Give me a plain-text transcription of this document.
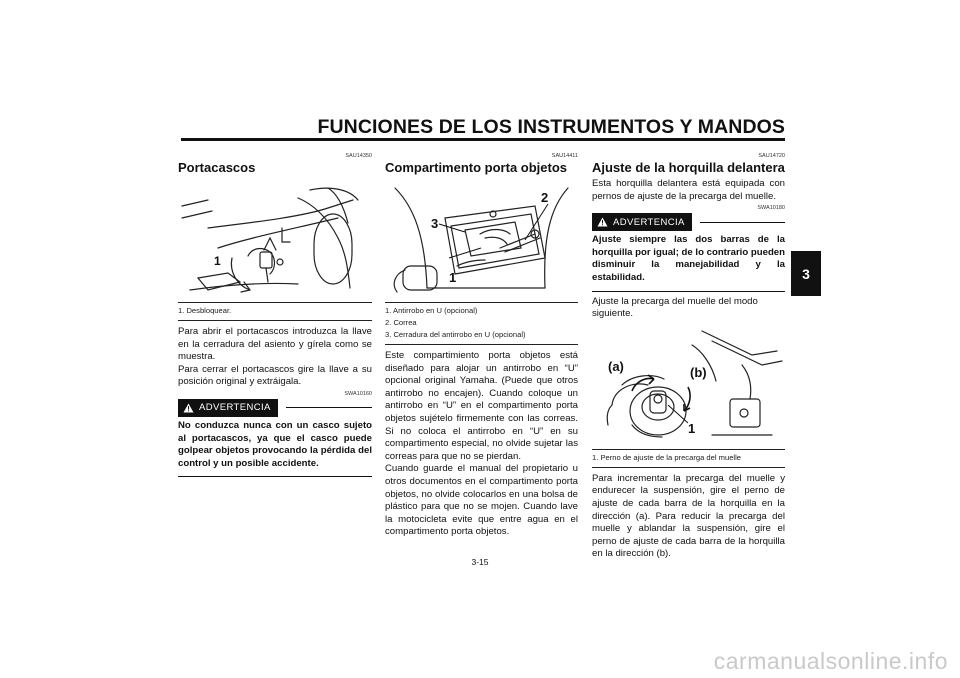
FUNCIONES DE LOS INSTRUMENTOS Y MANDOS
3
SAU14350
Portacascos
1
1. Desbloquear.

Para abrir el portacascos introduzca la llave en la cerradura del asiento y gírela como se muestra.

Para cerrar el portacascos gire la llave a su posición original y extráigala.

SWA10160
ADVERTENCIA
No conduzca nunca con un casco sujeto al portacascos, ya que el casco puede golpear objetos provocando la pérdida del control y un posible accidente.
SAU14411
Compartimento porta objetos
1
2
3
1. Antirrobo en U (opcional)
2. Correa
3. Cerradura del antirrobo en U (opcional)

Este compartimiento porta objetos está diseñado para alojar un antirrobo en “U” opcional original Yamaha. (Puede que otros antirrobo no encajen). Cuando coloque un antirrobo en “U” en el compartimento porta objetos sujételo firmemente con las correas. Si no coloca el antirrobo en “U” en su compartimento especial, no olvide sujetar las correas para que no se pierdan.

Cuando guarde el manual del propietario u otros documentos en el compartimento porta objetos, no olvide colocarlos en una bolsa de plástico para que no se mojen. Cuando lave la motocicleta evite que entre agua en el compartimento porta objetos.

SAU14720
Ajuste de la horquilla delantera

Esta horquilla delantera está equipada con pernos de ajuste de la precarga del muelle.

SWA10180
ADVERTENCIA
Ajuste siempre las dos barras de la horquilla por igual; de lo contrario pueden disminuir la manejabilidad y la estabilidad.

Ajuste la precarga del muelle del modo siguiente.

(a)	(b)
1
1. Perno de ajuste de la precarga del muelle

Para incrementar la precarga del muelle y endurecer la suspensión, gire el perno de ajuste de cada barra de la horquilla en la dirección (a). Para reducir la precarga del muelle y ablandar la suspensión, gire el perno de ajuste de cada barra de la horquilla en la dirección (b).

3-15
carmanualsonline.info
